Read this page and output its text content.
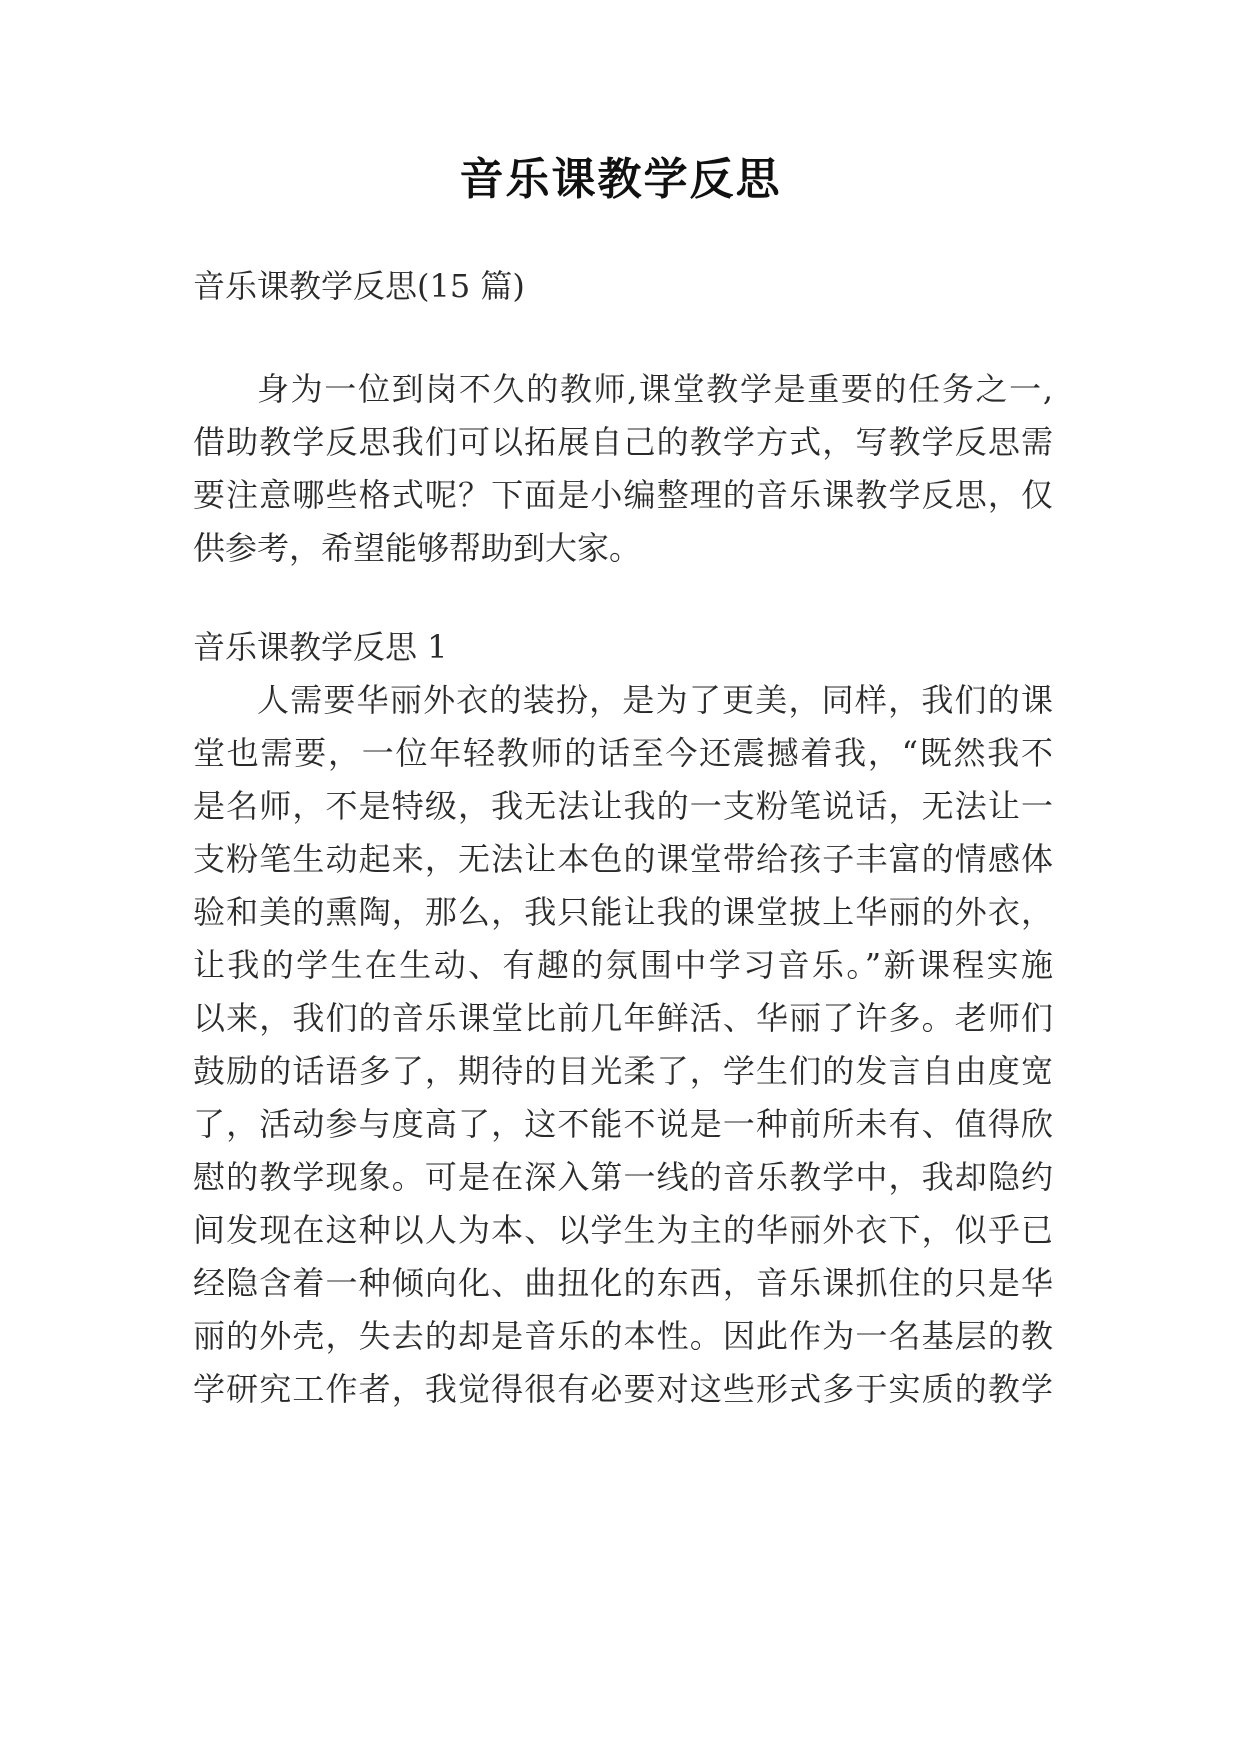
音乐课教学反思
音乐课教学反思(15 篇)
身为一位到岗不久的教师,课堂教学是重要的任务之一,
借助教学反思我们可以拓展自己的教学方式，写教学反思需
要注意哪些格式呢？下面是小编整理的音乐课教学反思，仅
供参考，希望能够帮助到大家。
音乐课教学反思 1
人需要华丽外衣的装扮，是为了更美，同样，我们的课
堂也需要，一位年轻教师的话至今还震撼着我，“既然我不
是名师，不是特级，我无法让我的一支粉笔说话，无法让一
支粉笔生动起来，无法让本色的课堂带给孩子丰富的情感体
验和美的熏陶，那么，我只能让我的课堂披上华丽的外衣，
让我的学生在生动、有趣的氛围中学习音乐。”新课程实施
以来，我们的音乐课堂比前几年鲜活、华丽了许多。老师们
鼓励的话语多了，期待的目光柔了，学生们的发言自由度宽
了，活动参与度高了，这不能不说是一种前所未有、值得欣
慰的教学现象。可是在深入第一线的音乐教学中，我却隐约
间发现在这种以人为本、以学生为主的华丽外衣下，似乎已
经隐含着一种倾向化、曲扭化的东西，音乐课抓住的只是华
丽的外壳，失去的却是音乐的本性。因此作为一名基层的教
学研究工作者，我觉得很有必要对这些形式多于实质的教学
